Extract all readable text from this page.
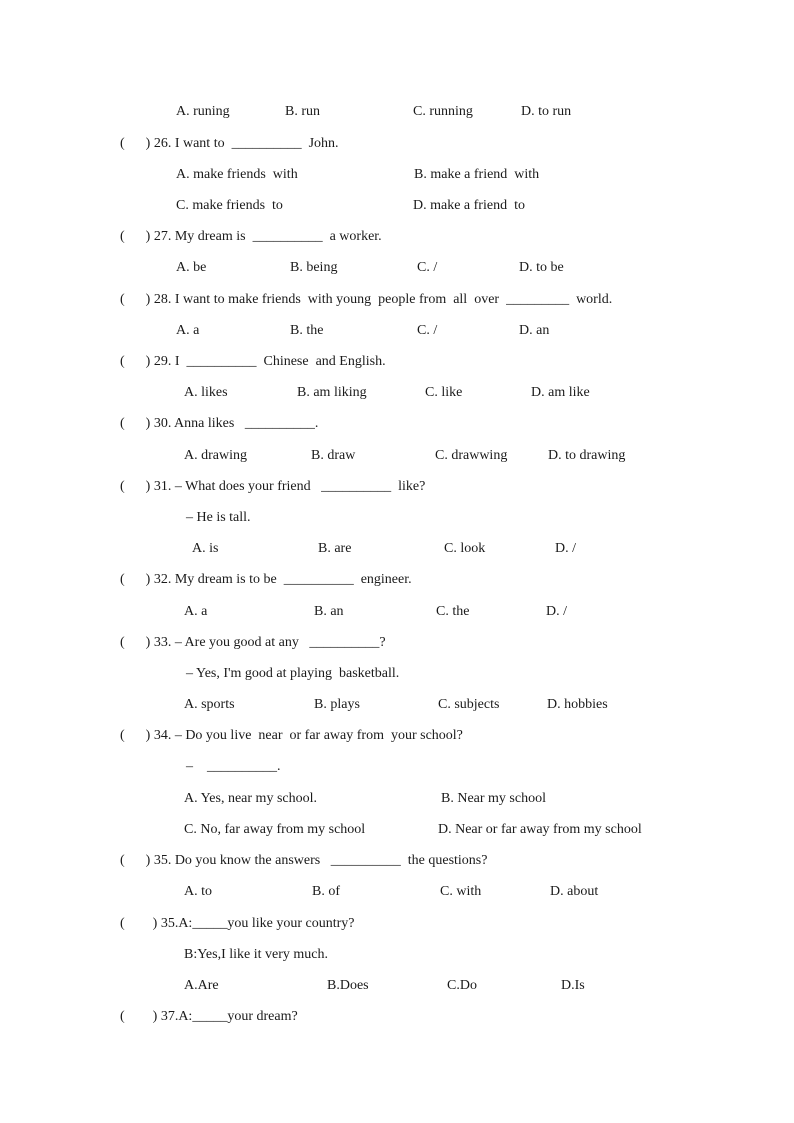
A. runing	B. run	C. running	D. to run
(      ) 26. I want to  __________  John.
A. make friends  with	B. make a friend  with
C. make friends  to	D. make a friend  to
(      ) 27. My dream is  __________  a worker.
A. be	B. being	C. /	D. to be
(      ) 28. I want to make friends  with young  people from  all  over  _________  world.
A. a	B. the	C. /	D. an
(      ) 29. I  __________  Chinese  and English.
A. likes	B. am liking	C. like	D. am like
(      ) 30. Anna likes   __________.
A. drawing	B. draw	C. drawwing	D. to drawing
(      ) 31. – What does your friend   __________  like?
– He is tall.
A. is	B. are	C. look	D. /
(      ) 32. My dream is to be  __________  engineer.
A. a	B. an	C. the	D. /
(      ) 33. – Are you good at any   __________?
– Yes, I'm good at playing  basketball.
A. sports	B. plays	C. subjects	D. hobbies
(      ) 34. – Do you live  near  or far away from  your school?
–    __________.
A. Yes, near my school.	B. Near my school
C. No, far away from my school	D. Near or far away from my school
(      ) 35. Do you know the answers   __________  the questions?
A. to	B. of	C. with	D. about
(        ) 35.A:_____you like your country?
B:Yes,I like it very much.
A.Are	B.Does	C.Do	D.Is
(        ) 37.A:_____your dream?
